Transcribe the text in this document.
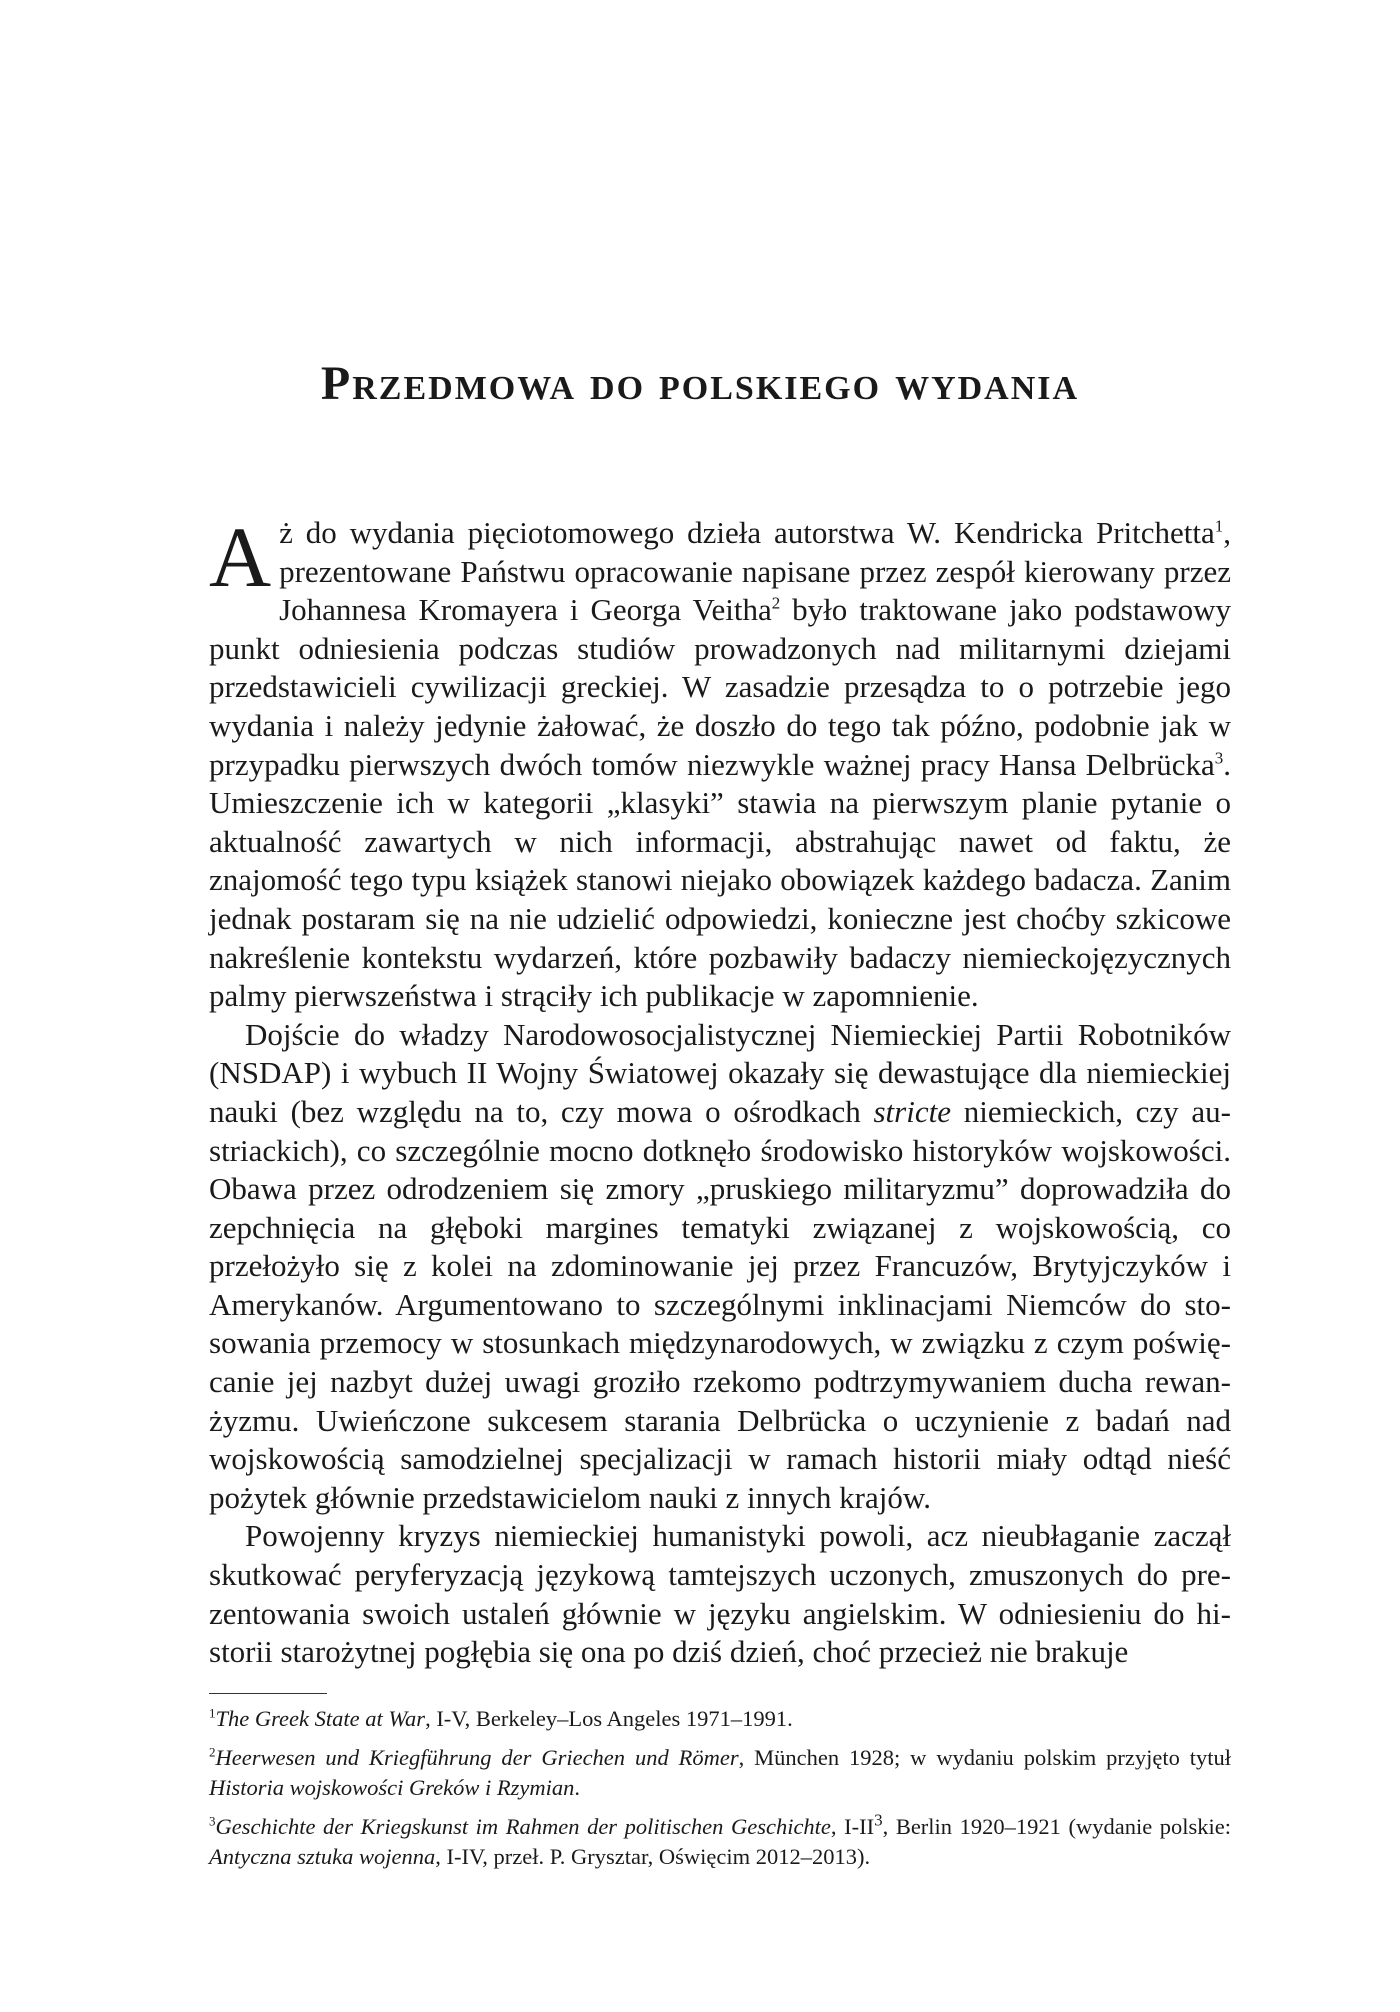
Przedmowa do polskiego wydania

Aż do wydania pięciotomowego dzieła autorstwa W. Kendricka Pritchetta$^1$, prezentowane Państwu opracowanie napisane przez zespół kierowany przez Johannesa Kromayera i Georga Veitha$^2$ było traktowane jako podstawowy punkt odniesienia podczas studiów prowadzonych nad militarnymi dziejami przedstawicieli cywilizacji greckiej. W zasadzie przesądza to o potrzebie jego wydania i należy jedynie żałować, że doszło do tego tak późno, podobnie jak w przypadku pierwszych dwóch tomów niezwykle ważnej pracy Hansa Delbrücka$^3$. Umieszczenie ich w kategorii „klasyki” stawia na pierwszym planie pytanie o aktualność zawartych w nich informacji, abstrahując nawet od faktu, że znajomość tego typu książek stanowi niejako obowiązek każdego badacza. Zanim jednak postaram się na nie udzielić odpowiedzi, konieczne jest choćby szkicowe nakreślenie kontekstu wydarzeń, które pozbawiły badaczy niemieckojęzycznych palmy pierwszeństwa i strąciły ich publikacje w zapomnienie.

Dojście do władzy Narodowosocjalistycznej Niemieckiej Partii Robotników (NSDAP) i wybuch II Wojny Światowej okazały się dewastujące dla niemieckiej nauki (bez względu na to, czy mowa o ośrodkach stricte niemieckich, czy austriackich), co szczególnie mocno dotknęło środowisko historyków wojskowości. Obawa przez odrodzeniem się zmory „pruskiego militaryzmu” doprowadziła do zepchnięcia na głęboki margines tematyki związanej z wojskowością, co przełożyło się z kolei na zdominowanie jej przez Francuzów, Brytyjczyków i Amerykanów. Argumentowano to szczególnymi inklinacjami Niemców do stosowania przemocy w stosunkach międzynarodowych, w związku z czym poświęcanie jej nazbyt dużej uwagi groziło rzekomo podtrzymywaniem ducha rewanżyzmu. Uwieńczone sukcesem starania Delbrücka o uczynienie z badań nad wojskowością samodzielnej specjalizacji w ramach historii miały odtąd nieść pożytek głównie przedstawicielom nauki z innych krajów.

Powojenny kryzys niemieckiej humanistyki powoli, acz nieubłaganie zaczął skutkować peryferyzacją językową tamtejszych uczonych, zmuszonych do prezentowania swoich ustaleń głównie w języku angielskim. W odniesieniu do historii starożytnej pogłębia się ona po dziś dzień, choć przecież nie brakuje

$^1$The Greek State at War, I-V, Berkeley–Los Angeles 1971–1991.

$^2$Heerwesen und Kriegführung der Griechen und Römer, München 1928; w wydaniu polskim przyjęto tytuł Historia wojskowości Greków i Rzymian.

$^3$Geschichte der Kriegskunst im Rahmen der politischen Geschichte, $I-II^3$, Berlin 1920–1921 (wydanie polskie: Antyczna sztuka wojenna, I-IV, przeł. P. Grysztar, Oświęcim 2012–2013).
